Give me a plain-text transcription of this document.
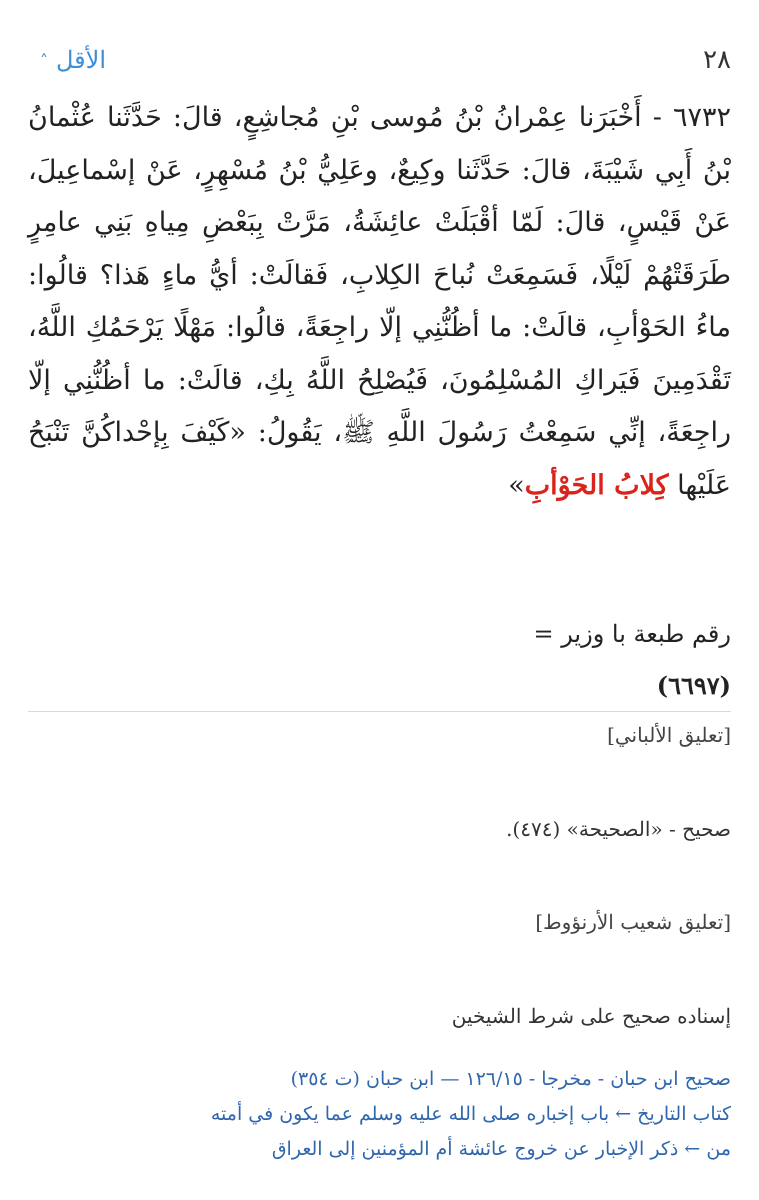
٢٨
الأقل
˄
٦٧٣٢ - أَخْبَرَنا عِمْرانُ بْنُ مُوسى بْنِ مُجاشِعٍ، قالَ: حَدَّثَنا عُثْمانُ بْنُ أَبِي شَيْبَةَ، قالَ: حَدَّثَنا وكِيعٌ، وعَلِيُّ بْنُ مُسْهِرٍ، عَنْ إسْماعِيلَ، عَنْ قَيْسٍ، قالَ: لَمّا أقْبَلَتْ عائِشَةُ، مَرَّتْ بِبَعْضِ مِياهِ بَنِي عامِرٍ طَرَقَتْهُمْ لَيْلًا، فَسَمِعَتْ نُباحَ الكِلابِ، فَقالَتْ: أيُّ ماءٍ هَذا؟ قالُوا: ماءُ الحَوْأبِ، قالَتْ: ما أظُنُّنِي إلّا راجِعَةً، قالُوا: مَهْلًا يَرْحَمُكِ اللَّهُ، تَقْدَمِينَ فَيَراكِ المُسْلِمُونَ، فَيُصْلِحُ اللَّهُ بِكِ، قالَتْ: ما أظُنُّنِي إلّا راجِعَةً، إنِّي سَمِعْتُ رَسُولَ اللَّهِ ﷺ، يَقُولُ: «كَيْفَ بِإحْداكُنَّ تَنْبَحُ عَلَيْها كِلابُ الحَوْأبِ»
رقم طبعة با وزير =
(٦٦٩٧)
[تعليق الألباني]
صحيح - «الصحيحة» (٤٧٤).
[تعليق شعيب الأرنؤوط]
إسناده صحيح على شرط الشيخين
صحيح ابن حبان - مخرجا - ١٢٦/١٥ — ابن حبان (ت ٣٥٤)
كتاب التاريخ ← باب إخباره صلى الله عليه وسلم عما يكون في أمته
من ← ذكر الإخبار عن خروج عائشة أم المؤمنين إلى العراق
